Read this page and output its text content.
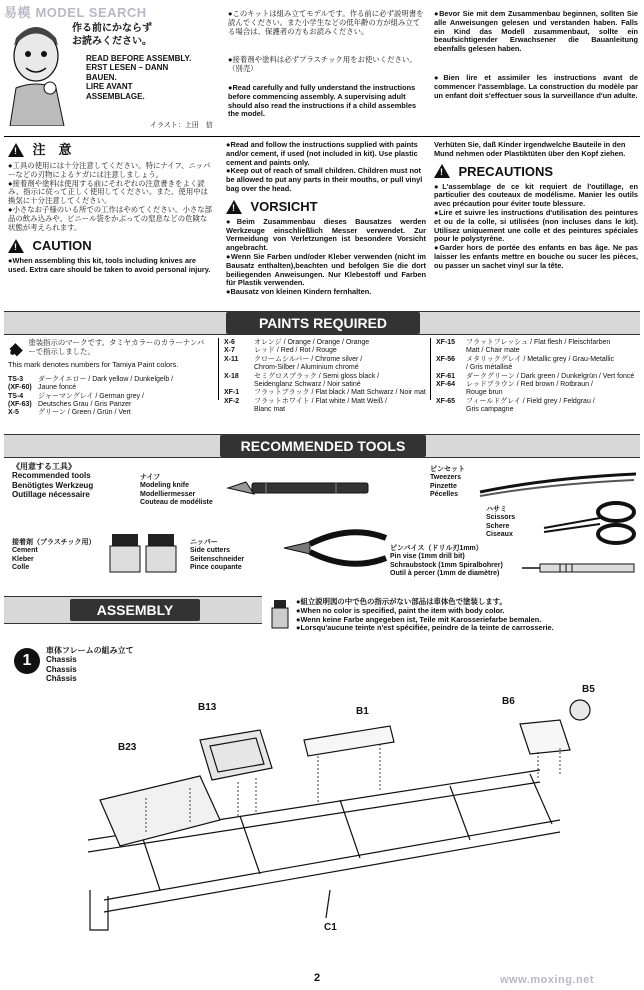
易模 MODEL SEARCH
作る前にかならず
お読みください。
READ BEFORE ASSEMBLY.
ERST LESEN – DANN
BAUEN.
LIRE AVANT
ASSEMBLAGE.
イラスト：上田　信
●このキットは組み立てモデルです。作る前に必ず説明書を読んでください。また小学生などの低年齢の方が組み立てる場合は、保護者の方もお読みください。
●接着剤や塗料は必ずプラスチック用をお使いください。（別売）
●Read carefully and fully understand the instructions before commencing assembly. A supervising adult should also read the instructions if a child assembles the model.
●Bevor Sie mit dem Zusammenbau beginnen, sollten Sie alle Anweisungen gelesen und verstanden haben. Falls ein Kind das Modell zusammenbaut, sollte ein beaufsichtigender Erwachsener die Bauanleitung ebenfalls gelesen haben.
●Bien lire et assimiler les instructions avant de commencer l'assemblage. La construction du modèle par un enfant doit s'effectuer sous la surveillance d'un adulte.
! 注　意
●工具の使用には十分注意してください。特にナイフ、ニッパーなどの刃物によるケガには注意しましょう。
●接着剤や塗料は使用する前にそれぞれの注意書きをよく読み、指示に従って正しく使用してください。また、使用中は換気に十分注意してください。
●小さなお子様のいる所での工作はやめてください。小さな部品の飲み込みや、ビニール袋をかぶっての窒息などの危険な状態が考えられます。
! CAUTION
●When assembling this kit, tools including knives are used. Extra care should be taken to avoid personal injury.
●Read and follow the instructions supplied with paints and/or cement, if used (not included in kit). Use plastic cement and paints only.
●Keep out of reach of small children. Children must not be allowed to put any parts in their mouths, or pull vinyl bag over the head.
! VORSICHT
●Beim Zusammenbau dieses Bausatzes werden Werkzeuge einschließlich Messer verwendet. Zur Vermeidung von Verletzungen ist besondere Vorsicht angebracht.
●Wenn Sie Farben und/oder Kleber verwenden (nicht im Bausatz enthalten),beachten und befolgen Sie die dort beiliegenden Anweisungen. Nur Klebestoff und Farben für Plastik verwenden.
●Bausatz von kleinen Kindern fernhalten.
Verhüten Sie, daß Kinder irgendwelche Bauteile in den Mund nehmen oder Plastiktüten über den Kopf ziehen.
! PRECAUTIONS
●L'assemblage de ce kit requiert de l'outillage, en particulier des couteaux de modélisme. Manier les outils avec précaution pour éviter toute blessure.
●Lire et suivre les instructions d'utilisation des peintures et ou de la colle, si utilisées (non incluses dans le kit). Utilisez uniquement une colle et des peintures spéciales pour le polystyrène.
●Garder hors de portée des enfants en bas âge. Ne pas laisser les enfants mettre en bouche ou sucer les pièces, ou passer un sachet vinyl sur la tête.
PAINTS REQUIRED
塗装指示のマークです。タミヤカラーのカラーナンバーで指示しました。
This mark denotes numbers for Tamiya Paint colors.
TS-3 ダークイエロー / Dark yellow / Dunkelgelb /
(XF-60) Jaune foncé
TS-4 ジャーマングレイ / German grey /
(XF-63) Deutsches Grau / Gris Panzer
X-5	グリーン / Green / Grün / Vert
X-6	オレンジ / Orange / Orange / Orange
X-7	レッド / Red / Rot / Rouge
X-11 クロームシルバー / Chrome silver /
Chrom-Silber / Aluminium chromé
X-18 セミグロスブラック / Semi gloss black /
Seidenglanz Schwarz / Noir satiné
XF-1 フラットブラック / Flat black / Matt Schwarz / Noir mat
XF-2 フラットホワイト / Flat white / Matt Weiß /
Blanc mat
XF-15 フラットフレッシュ / Flat flesh / Fleischfarben
Matt / Chair mate
XF-56 メタリックグレイ / Metallic grey / Grau-Metallic
/ Gris métallisé
XF-61 ダークグリーン / Dark green / Dunkelgrün / Vert foncé
XF-64 レッドブラウン / Red brown / Rotbraun /
Rouge brun
XF-65 フィールドグレイ / Field grey / Feldgrau /
Gris campagne
RECOMMENDED TOOLS
《用意する工具》
Recommended tools
Benötigtes Werkzeug
Outillage nécessaire
ナイフ
Modeling knife
Modelliermesser
Couteau de modéliste
ピンセット
Tweezers
Pinzette
Pécelles
ハサミ
Scissors
Schere
Ciseaux
接着剤（プラスチック用）
Cement
Kleber
Colle
ニッパー
Side cutters
Seitenschneider
Pince coupante
ピンバイス（ドリル刃1mm）
Pin vise (1mm drill bit)
Schraubstock (1mm Spiralbohrer)
Outil à percer (1mm de diamètre)
ASSEMBLY
●組立説明図の中で色の指示がない部品は車体色で塗装します。
●When no color is specified, paint the item with body color.
●Wenn keine Farbe angegeben ist, Teile mit Karosseriefarbe bemalen.
●Lorsqu'aucune teinte n'est spécifiée, peindre de la teinte de carrosserie.
1
車体フレームの組み立て
Chassis
Chassis
Châssis
B23
B13	B1
B6
B5
C1
2	www.moxing.net
